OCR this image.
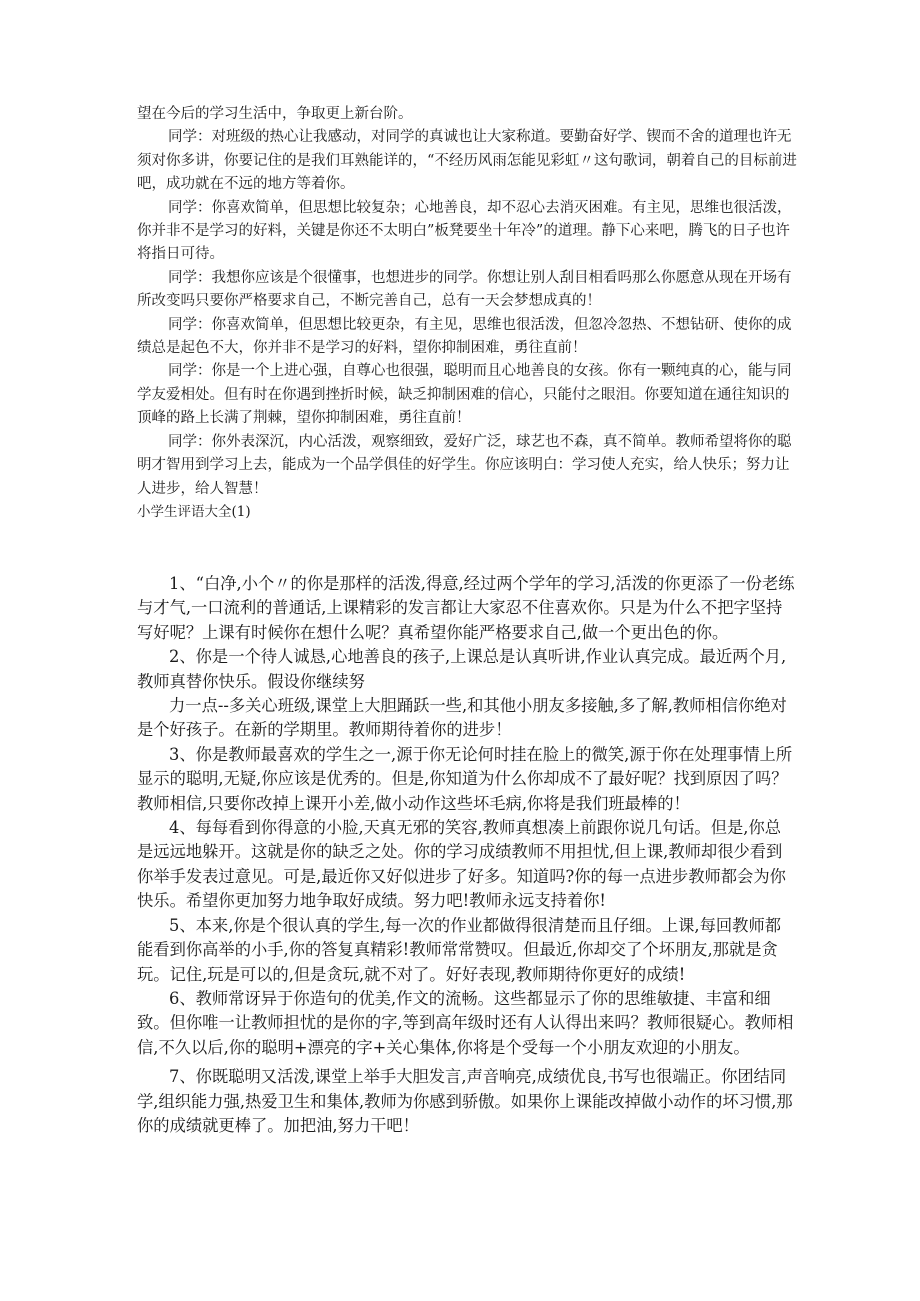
望在今后的学习生活中，争取更上新台阶。

同学：对班级的热心让我感动，对同学的真诚也让大家称道。要勤奋好学、锲而不舍的道理也许无须对你多讲，你要记住的是我们耳熟能详的，“不经历风雨怎能见彩虹〃这句歌词，朝着自己的目标前进吧，成功就在不远的地方等着你。

同学：你喜欢简单，但思想比较复杂；心地善良，却不忍心去消灭困难。有主见，思维也很活泼，你并非不是学习的好料，关键是你还不太明白”板凳要坐十年冷”的道理。静下心来吧，腾飞的日子也许将指日可待。

同学：我想你应该是个很懂事，也想进步的同学。你想让别人刮目相看吗那么你愿意从现在开场有所改变吗只要你严格要求自己，不断完善自己，总有一天会梦想成真的！

同学：你喜欢简单，但思想比较更杂，有主见，思维也很活泼，但忽冷忽热、不想钻研、使你的成绩总是起色不大，你并非不是学习的好料，望你抑制困难，勇往直前！

同学：你是一个上进心强，自尊心也很强，聪明而且心地善良的女孩。你有一颗纯真的心，能与同学友爱相处。但有时在你遇到挫折时候，缺乏抑制困难的信心，只能付之眼泪。你要知道在通往知识的顶峰的路上长满了荆棘，望你抑制困难，勇往直前！

同学：你外表深沉，内心活泼，观察细致，爱好广泛，球艺也不森，真不简单。教师希望将你的聪明才智用到学习上去，能成为一个品学俱佳的好学生。你应该明白：学习使人充实，给人快乐；努力让人进步，给人智慧！

小学生评语大全(1)

1、“白净,小个〃的你是那样的活泼,得意,经过两个学年的学习,活泼的你更添了一份老练与才气,一口流利的普通话,上课精彩的发言都让大家忍不住喜欢你。只是为什么不把字坚持写好呢？上课有时候你在想什么呢？真希望你能严格要求自己,做一个更出色的你。

2、你是一个待人诚恳,心地善良的孩子,上课总是认真听讲,作业认真完成。最近两个月,教师真替你快乐。假设你继续努

力一点--多关心班级,课堂上大胆踊跃一些,和其他小朋友多接触,多了解,教师相信你绝对是个好孩子。在新的学期里。教师期待着你的进步！

3、你是教师最喜欢的学生之一,源于你无论何时挂在脸上的微笑,源于你在处理事情上所显示的聪明,无疑,你应该是优秀的。但是,你知道为什么你却成不了最好呢？找到原因了吗？教师相信,只要你改掉上课开小差,做小动作这些坏毛病,你将是我们班最棒的！

4、每每看到你得意的小脸,天真无邪的笑容,教师真想凑上前跟你说几句话。但是,你总是远远地躲开。这就是你的缺乏之处。你的学习成绩教师不用担忧,但上课,教师却很少看到你举手发表过意见。可是,最近你又好似进步了好多。知道吗?你的每一点进步教师都会为你快乐。希望你更加努力地争取好成绩。努力吧!教师永远支持着你!

5、本来,你是个很认真的学生,每一次的作业都做得很清楚而且仔细。上课,每回教师都能看到你高举的小手,你的答复真精彩!教师常常赞叹。但最近,你却交了个坏朋友,那就是贪玩。记住,玩是可以的,但是贪玩,就不对了。好好表现,教师期待你更好的成绩!

6、教师常讶异于你造句的优美,作文的流畅。这些都显示了你的思维敏捷、丰富和细致。但你唯一让教师担忧的是你的字,等到高年级时还有人认得出来吗？教师很疑心。教师相信,不久以后,你的聪明+漂亮的字+关心集体,你将是个受每一个小朋友欢迎的小朋友。

7、你既聪明又活泼,课堂上举手大胆发言,声音响亮,成绩优良,书写也很端正。你团结同学,组织能力强,热爱卫生和集体,教师为你感到骄傲。如果你上课能改掉做小动作的坏习惯,那你的成绩就更棒了。加把油,努力干吧！
